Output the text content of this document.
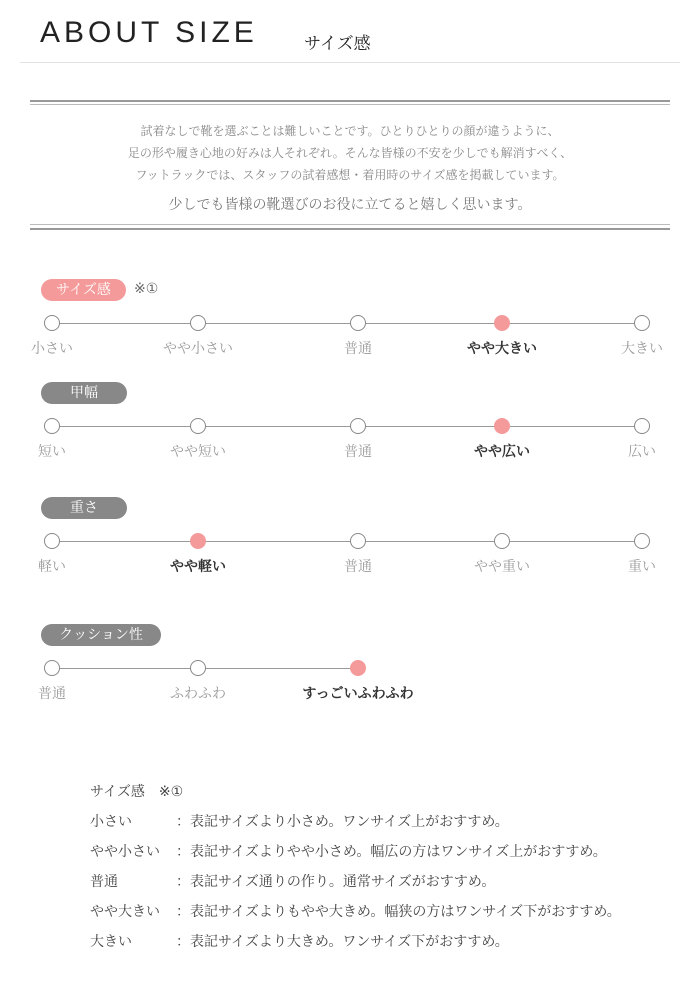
ABOUT SIZE	サイズ感
試着なしで靴を選ぶことは難しいことです。ひとりひとりの顔が違うように、
足の形や履き心地の好みは人それぞれ。そんな皆様の不安を少しでも解消すべく、
フットラックでは、スタッフの試着感想・着用時のサイズ感を掲載しています。
少しでも皆様の靴選びのお役に立てると嬉しく思います。
サイズ感	※①
小さい	やや小さい	普通	やや大きい	大きい
甲幅
短い	やや短い	普通	やや広い	広い
重さ
軽い	やや軽い	普通	やや重い	重い
クッション性
普通	ふわふわ	すっごいふわふわ
サイズ感　※①
小さい	：表記サイズより小さめ。ワンサイズ上がおすすめ。
やや小さい ：表記サイズよりやや小さめ。幅広の方はワンサイズ上がおすすめ。
普通	：表記サイズ通りの作り。通常サイズがおすすめ。
やや大きい ：表記サイズよりもやや大きめ。幅狭の方はワンサイズ下がおすすめ。
大きい	：表記サイズより大きめ。ワンサイズ下がおすすめ。
